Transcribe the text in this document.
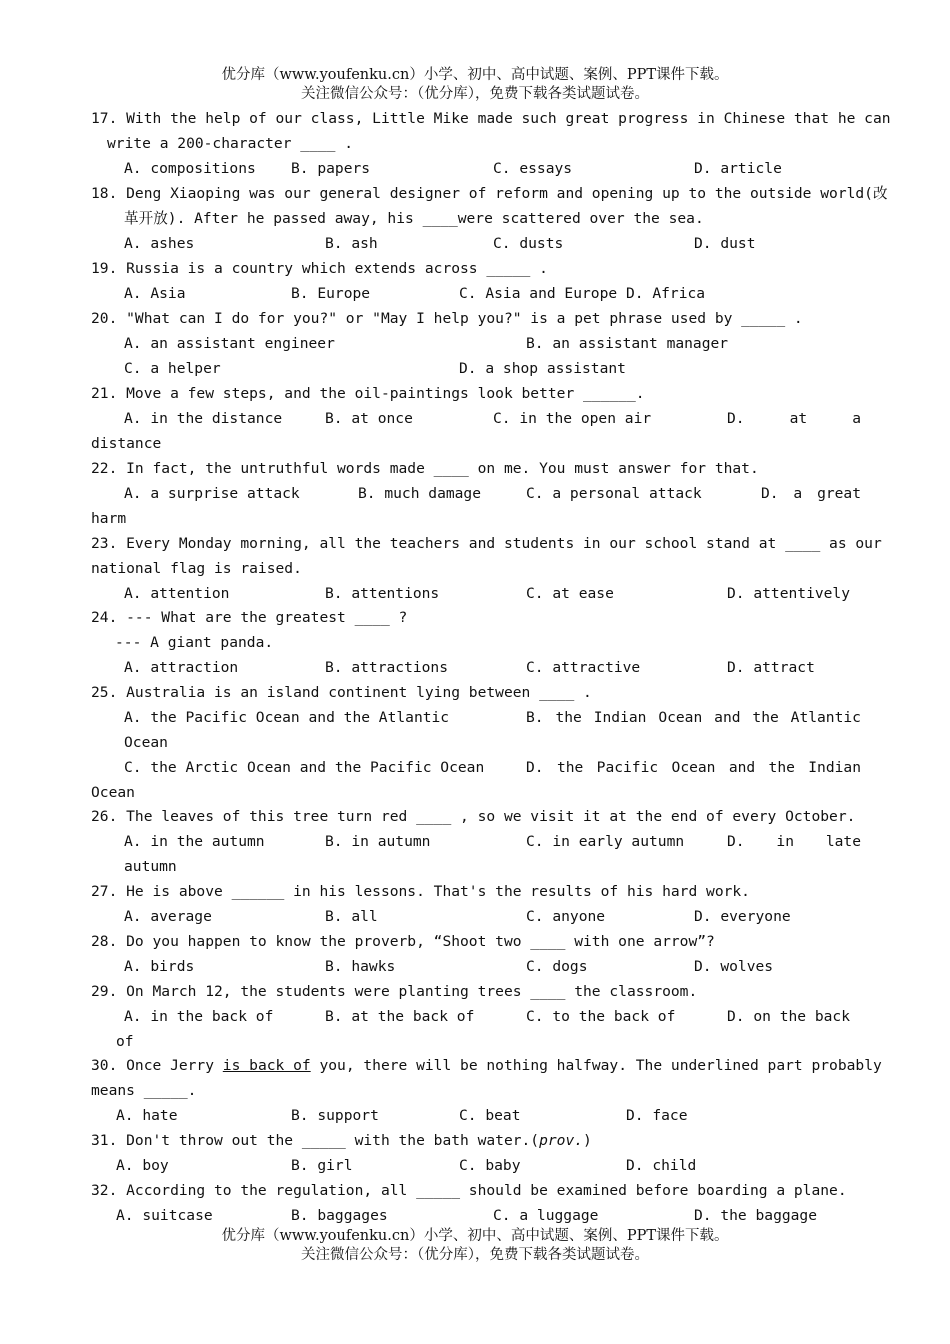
优分库（www.youfenku.cn）小学、初中、高中试题、案例、PPT课件下载。
关注微信公众号：（优分库），免费下载各类试题试卷。
17. With the help of our class, Little Mike made such great progress in Chinese that he can
write a 200-character ____ .
A. compositions B. papers	C. essays	D. article
18. Deng Xiaoping was our general designer of reform and opening up to the outside world(改
革开放). After he passed away, his ____were scattered over the sea.
A. ashes	B. ash	C. dusts	D. dust
19. Russia is a country which extends across _____ .
A. Asia	B. Europe	C. Asia and Europe D. Africa
20. "What can I do for you?" or "May I help you?" is a pet phrase used by _____ .
A. an assistant engineer	B. an assistant manager
C. a helper	D. a shop assistant
21. Move a few steps, and the oil-paintings look better ______.
A. in the distance	B. at once	C. in the open air	D.	at	a
distance
22. In fact, the untruthful words made ____ on me. You must answer for that.
A. a surprise attack	B. much damage	C. a personal attack	D. a great
harm
23. Every Monday morning, all the teachers and students in our school stand at ____ as our
national flag is raised.
A. attention	B. attentions	C. at ease	D. attentively
24. --- What are the greatest ____ ?
--- A giant panda.
A. attraction	B. attractions	C. attractive	D. attract
25. Australia is an island continent lying between ____ .
A. the Pacific Ocean and the Atlantic	B. the Indian Ocean and the Atlantic
Ocean
C. the Arctic Ocean and the Pacific Ocean	D. the Pacific Ocean and the Indian
Ocean
26. The leaves of this tree turn red ____ , so we visit it at the end of every October.
A. in the autumn	B. in autumn	C. in early autumn	D. in late
autumn
27. He is above ______ in his lessons. That's the results of his hard work.
A. average	B. all	C. anyone	D. everyone
28. Do you happen to know the proverb, “Shoot two ____ with one arrow”?
A. birds	B. hawks	C. dogs	D. wolves
29. On March 12, the students were planting trees ____ the classroom.
A. in the back of	B. at the back of	C. to the back of	D. on the back
of
30. Once Jerry is back of you, there will be nothing halfway. The underlined part probably
means _____.
A. hate	B. support	C. beat	D. face
31. Don't throw out the _____ with the bath water.(prov.)
A. boy	B. girl	C. baby	D. child
32. According to the regulation, all _____ should be examined before boarding a plane.
A. suitcase	B. baggages	C. a luggage	D. the baggage
优分库（www.youfenku.cn）小学、初中、高中试题、案例、PPT课件下载。
关注微信公众号：（优分库），免费下载各类试题试卷。
